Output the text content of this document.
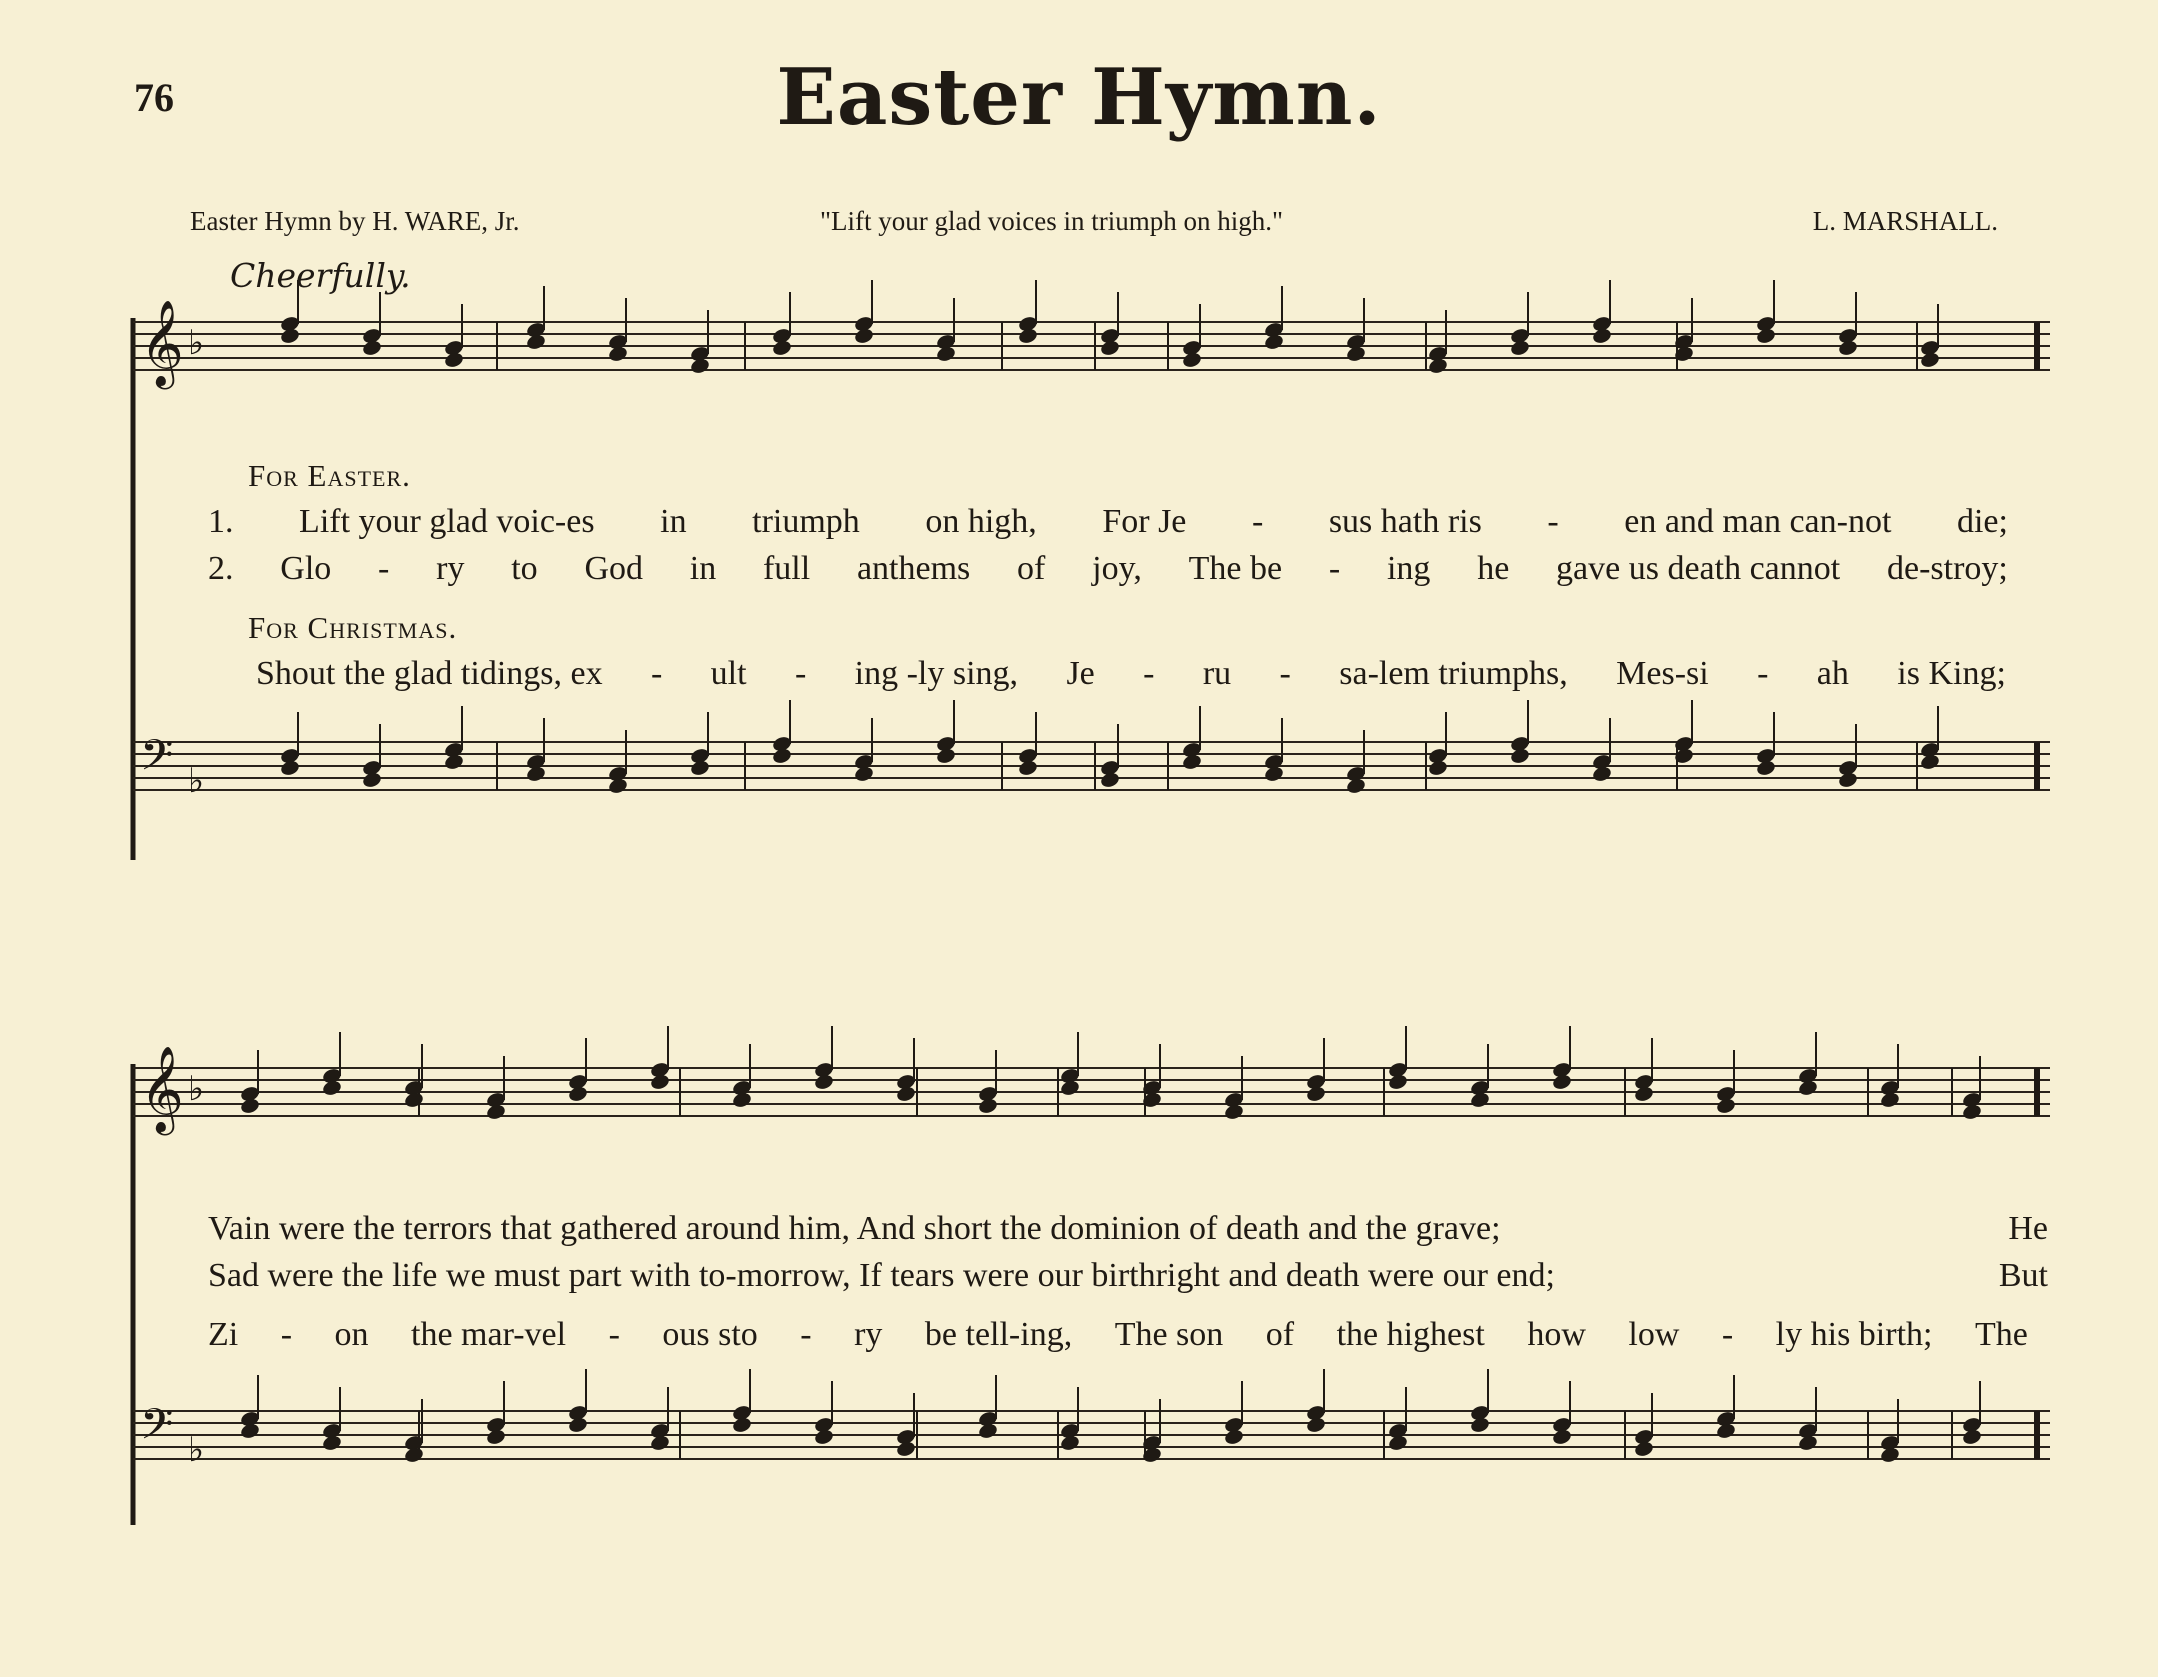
76	Easter Hymn.
Easter Hymn by H. WARE, Jr.	"Lift your glad voices in triumph on high."	L. MARSHALL.
Cheerfully.
𝄞 ♭
𝄢 ♭
𝄞 ♭
𝄢 ♭
For Easter.
1. Lift your glad voic-es in triumph on high, For Je - sus hath ris - en and man can-not die;
2. Glo - ry to God in full anthems of joy, The be - ing he gave us death cannot de-stroy;
For Christmas.
Shout the glad tidings, ex - ult - ing -ly sing, Je - ru - sa-lem triumphs, Mes-si - ah is King;
Vain were the terrors that gathered around him, And short the dominion of death and the grave;	He
Sad were the life we must part with to-morrow, If tears were our birthright and death were our end;	But
Zi - on the mar-vel - ous sto - ry be tell-ing, The son of the highest how low - ly his birth; The
